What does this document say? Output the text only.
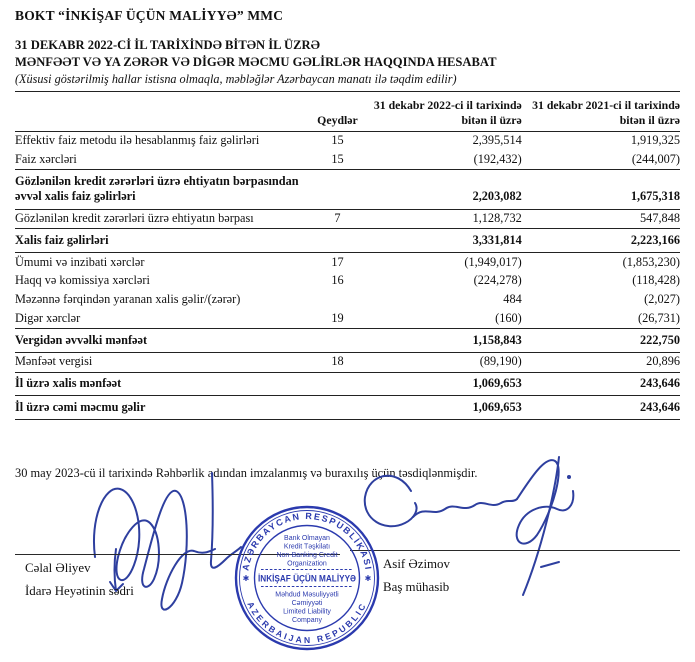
BOKT “İNKİŞAF ÜÇÜN MALİYYƏ” MMC
31 DEKABR 2022-Cİ İL TARİXİNDƏ BİTƏN İL ÜZRƏ
MƏNFƏƏT VƏ YA ZƏRƏR VƏ DİGƏR MƏCMU GƏLİRLƏR HAQQINDA HESABAT
(Xüsusi göstərilmiş hallar istisna olmaqla, məbləğlər Azərbaycan manatı ilə təqdim edilir)
	Qeydlər	31 dekabr 2022-ci il tarixində bitən il üzrə	31 dekabr 2021-ci il tarixində bitən il üzrə
Effektiv faiz metodu ilə hesablanmış faiz gəlirləri	15	2,395,514	1,919,325
Faiz xərcləri	15	(192,432)	(244,007)
Gözlənilən kredit zərərləri üzrə ehtiyatın bərpasından əvvəl xalis faiz gəlirləri		2,203,082	1,675,318
Gözlənilən kredit zərərləri üzrə ehtiyatın bərpası	7	1,128,732	547,848
Xalis faiz gəlirləri		3,331,814	2,223,166
Ümumi və inzibati xərclər	17	(1,949,017)	(1,853,230)
Haqq və komissiya xərcləri	16	(224,278)	(118,428)
Məzənnə fərqindən yaranan xalis gəlir/(zərər)		484	(2,027)
Digər xərclər	19	(160)	(26,731)
Vergidən əvvəlki mənfəət		1,158,843	222,750
Mənfəət vergisi	18	(89,190)	20,896
İl üzrə xalis mənfəət		1,069,653	243,646
İl üzrə cəmi məcmu gəlir		1,069,653	243,646
30 may 2023-cü il tarixində Rəhbərlik adından imzalanmış və buraxılış üçün təsdiqlənmişdir.
Cəlal Əliyev
İdarə Heyətinin sədri
Asif Əzimov
Baş mühasib
AZƏRBAYCAN RESPUBLİKASI
AZERBAIJAN REPUBLIC
Bank Olmayan
Kredit Təşkilatı
Non-Banking Credit
Organization
✱	✱
İNKİŞAF ÜÇÜN MALİYYƏ
Məhdud Məsuliyyətli
Cəmiyyəti
Limited Liability
Company
